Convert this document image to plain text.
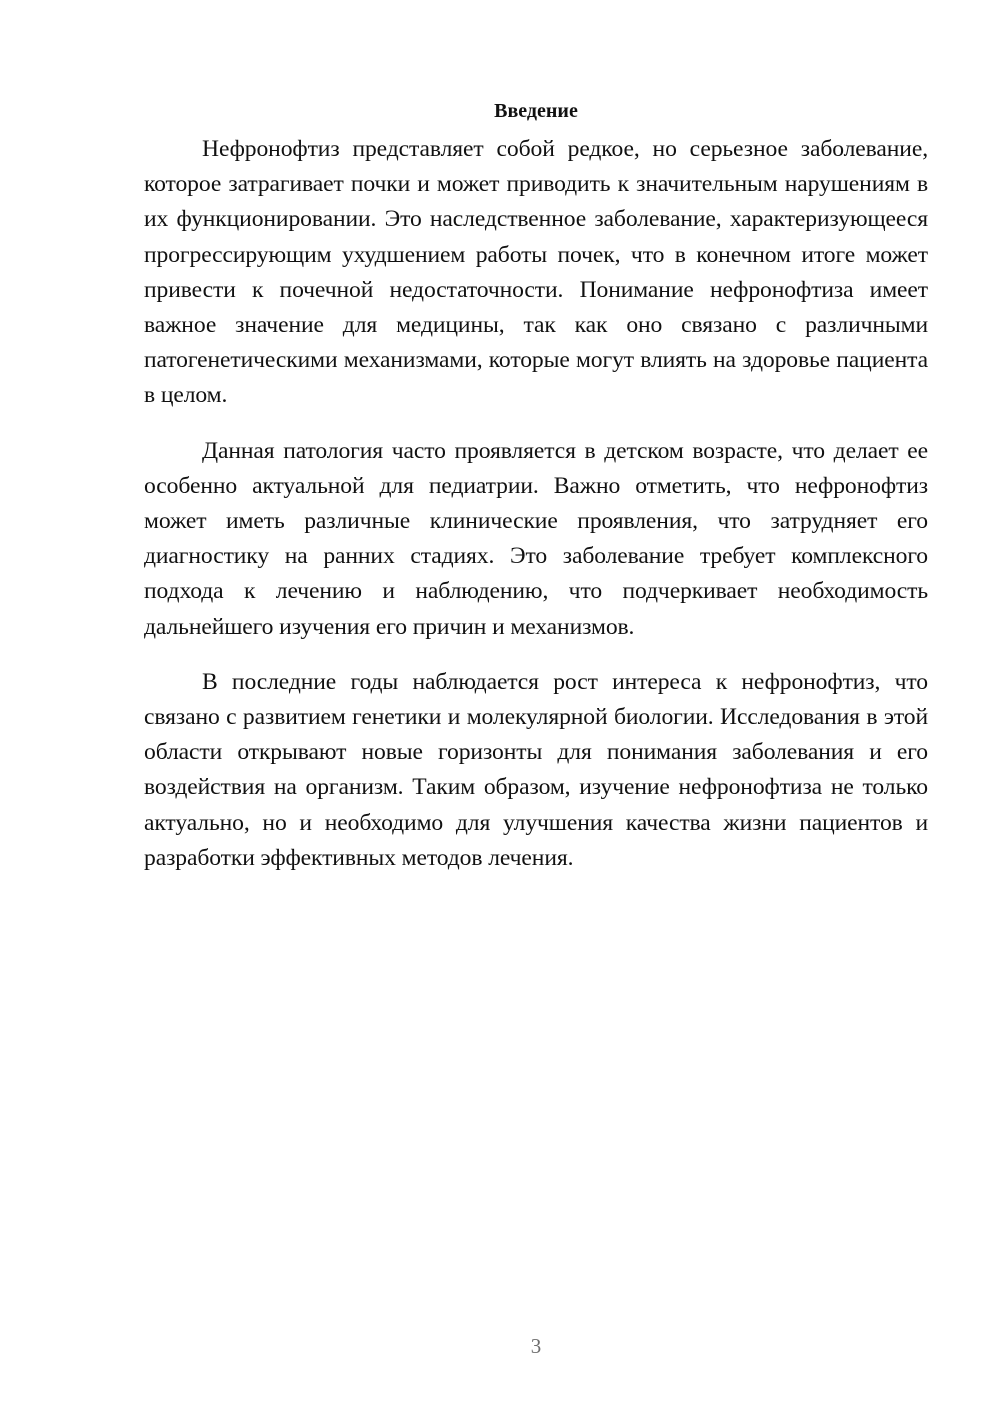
Введение

Нефронофтиз представляет собой редкое, но серьезное заболевание, которое затрагивает почки и может приводить к значительным нарушениям в их функционировании. Это наследственное заболевание, характеризующееся прогрессирующим ухудшением работы почек, что в конечном итоге может привести к почечной недостаточности. Понимание нефронофтиза имеет важное значение для медицины, так как оно связано с различными патогенетическими механизмами, которые могут влиять на здоровье пациента в целом.

Данная патология часто проявляется в детском возрасте, что делает ее особенно актуальной для педиатрии. Важно отметить, что нефронофтиз может иметь различные клинические проявления, что затрудняет его диагностику на ранних стадиях. Это заболевание требует комплексного подхода к лечению и наблюдению, что подчеркивает необходимость дальнейшего изучения его причин и механизмов.

В последние годы наблюдается рост интереса к нефронофтиз, что связано с развитием генетики и молекулярной биологии. Исследования в этой области открывают новые горизонты для понимания заболевания и его воздействия на организм. Таким образом, изучение нефронофтиза не только актуально, но и необходимо для улучшения качества жизни пациентов и разработки эффективных методов лечения.

3
